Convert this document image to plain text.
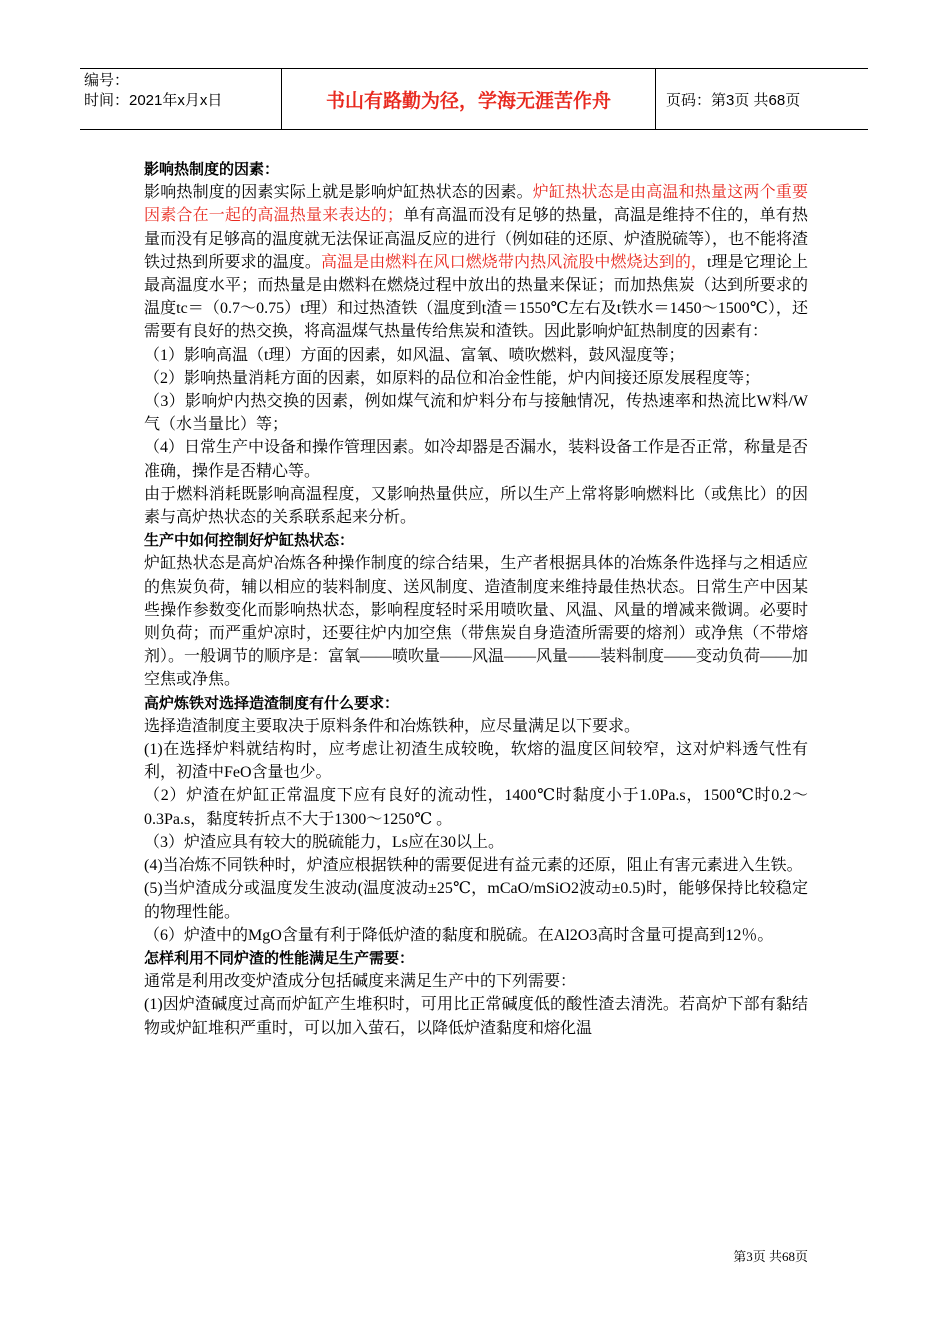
编号：
时间：2021年x月x日	书山有路勤为径，学海无涯苦作舟	页码：第3页 共68页

影响热制度的因素：

影响热制度的因素实际上就是影响炉缸热状态的因素。炉缸热状态是由高温和热量这两个重要因素合在一起的高温热量来表达的；单有高温而没有足够的热量，高温是维持不住的，单有热量而没有足够高的温度就无法保证高温反应的进行（例如硅的还原、炉渣脱硫等），也不能将渣铁过热到所要求的温度。高温是由燃料在风口燃烧带内热风流股中燃烧达到的，t理是它理论上最高温度水平；而热量是由燃料在燃烧过程中放出的热量来保证；而加热焦炭（达到所要求的温度tc＝（0.7～0.75）t理）和过热渣铁（温度到t渣＝1550℃左右及t铁水＝1450～1500℃），还需要有良好的热交换，将高温煤气热量传给焦炭和渣铁。因此影响炉缸热制度的因素有：

（1）影响高温（t理）方面的因素，如风温、富氧、喷吹燃料，鼓风湿度等；

（2）影响热量消耗方面的因素，如原料的品位和冶金性能，炉内间接还原发展程度等；

（3）影响炉内热交换的因素，例如煤气流和炉料分布与接触情况，传热速率和热流比W料/W气（水当量比）等；

（4）日常生产中设备和操作管理因素。如冷却器是否漏水，装料设备工作是否正常，称量是否准确，操作是否精心等。

由于燃料消耗既影响高温程度，又影响热量供应，所以生产上常将影响燃料比（或焦比）的因素与高炉热状态的关系联系起来分析。

生产中如何控制好炉缸热状态：

炉缸热状态是高炉冶炼各种操作制度的综合结果，生产者根据具体的冶炼条件选择与之相适应的焦炭负荷，辅以相应的装料制度、送风制度、造渣制度来维持最佳热状态。日常生产中因某些操作参数变化而影响热状态，影响程度轻时采用喷吹量、风温、风量的增减来微调。必要时则负荷；而严重炉凉时，还要往炉内加空焦（带焦炭自身造渣所需要的熔剂）或净焦（不带熔剂）。一般调节的顺序是：富氧——喷吹量——风温——风量——装料制度——变动负荷——加空焦或净焦。

高炉炼铁对选择造渣制度有什么要求：

选择造渣制度主要取决于原料条件和冶炼铁种，应尽量满足以下要求。

(1)在选择炉料就结构时，应考虑让初渣生成较晚，软熔的温度区间较窄，这对炉料透气性有利，初渣中FeO含量也少。

（2）炉渣在炉缸正常温度下应有良好的流动性，1400℃时黏度小于1.0Pa.s，1500℃时0.2～0.3Pa.s，黏度转折点不大于1300～1250℃ 。

（3）炉渣应具有较大的脱硫能力，Ls应在30以上。

(4)当冶炼不同铁种时，炉渣应根据铁种的需要促进有益元素的还原，阻止有害元素进入生铁。

(5)当炉渣成分或温度发生波动(温度波动±25℃，mCaO/mSiO2波动±0.5)时，能够保持比较稳定的物理性能。

（6）炉渣中的MgO含量有利于降低炉渣的黏度和脱硫。在Al2O3高时含量可提高到12％。

怎样利用不同炉渣的性能满足生产需要：

通常是利用改变炉渣成分包括碱度来满足生产中的下列需要：

(1)因炉渣碱度过高而炉缸产生堆积时，可用比正常碱度低的酸性渣去清洗。若高炉下部有黏结物或炉缸堆积严重时，可以加入萤石，以降低炉渣黏度和熔化温

第3页 共68页
